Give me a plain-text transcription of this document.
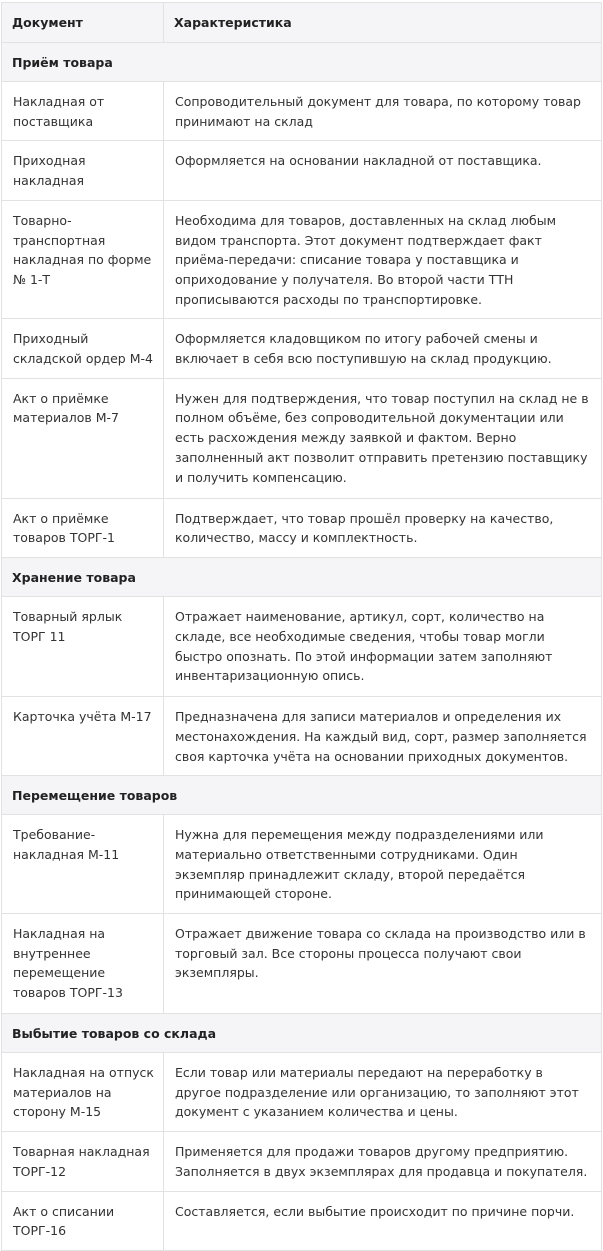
Документ	Характеристика
Приём товара	
Накладная от поставщика	Сопроводительный документ для товара, по которому товар принимают на склад
Приходная накладная	Оформляется на основании накладной от поставщика.
Товарно-транспортная накладная по форме № 1-Т	Необходима для товаров, доставленных на склад любым видом транспорта. Этот документ подтверждает факт приёма-передачи: списание товара у поставщика и оприходование у получателя. Во второй части ТТН прописываются расходы по транспортировке.
Приходный складской ордер М-4	Оформляется кладовщиком по итогу рабочей смены и включает в себя всю поступившую на склад продукцию.
Акт о приёмке материалов М-7	Нужен для подтверждения, что товар поступил на склад не в полном объёме, без сопроводительной документации или есть расхождения между заявкой и фактом. Верно заполненный акт позволит отправить претензию поставщику и получить компенсацию.
Акт о приёмке товаров ТОРГ-1	Подтверждает, что товар прошёл проверку на качество, количество, массу и комплектность.
Хранение товара	
Товарный ярлык ТОРГ 11	Отражает наименование, артикул, сорт, количество на складе, все необходимые сведения, чтобы товар могли быстро опознать. По этой информации затем заполняют инвентаризационную опись.
Карточка учёта М-17	Предназначена для записи материалов и определения их местонахождения. На каждый вид, сорт, размер заполняется своя карточка учёта на основании приходных документов.
Перемещение товаров	
Требование-накладная М-11	Нужна для перемещения между подразделениями или материально ответственными сотрудниками. Один экземпляр принадлежит складу, второй передаётся принимающей стороне.
Накладная на внутреннее перемещение товаров ТОРГ-13	Отражает движение товара со склада на производство или в торговый зал. Все стороны процесса получают свои экземпляры.
Выбытие товаров со склада	
Накладная на отпуск материалов на сторону М-15	Если товар или материалы передают на переработку в другое подразделение или организацию, то заполняют этот документ с указанием количества и цены.
Товарная накладная ТОРГ-12	Применяется для продажи товаров другому предприятию. Заполняется в двух экземплярах для продавца и покупателя.
Акт о списании ТОРГ-16	Составляется, если выбытие происходит по причине порчи.
